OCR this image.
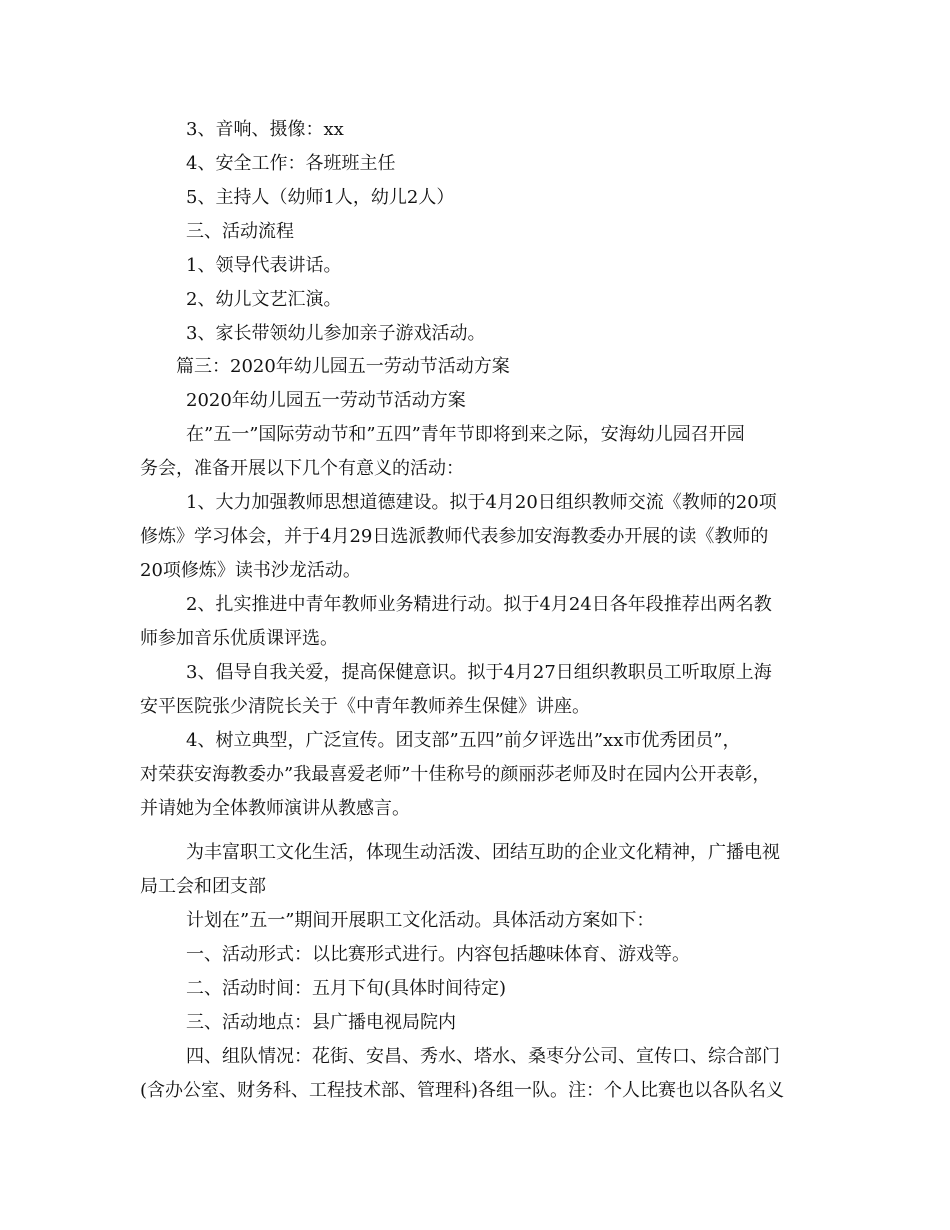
3、音响、摄像：xx
4、安全工作：各班班主任
5、主持人（幼师1人，幼儿2人）
三、活动流程
1、领导代表讲话。
2、幼儿文艺汇演。
3、家长带领幼儿参加亲子游戏活动。
篇三：2020年幼儿园五一劳动节活动方案
2020年幼儿园五一劳动节活动方案
在”五一”国际劳动节和”五四”青年节即将到来之际，安海幼儿园召开园
务会，准备开展以下几个有意义的活动：
1、大力加强教师思想道德建设。拟于4月20日组织教师交流《教师的20项
修炼》学习体会，并于4月29日选派教师代表参加安海教委办开展的读《教师的
20项修炼》读书沙龙活动。
2、扎实推进中青年教师业务精进行动。拟于4月24日各年段推荐出两名教
师参加音乐优质课评选。
3、倡导自我关爱，提高保健意识。拟于4月27日组织教职员工听取原上海
安平医院张少清院长关于《中青年教师养生保健》讲座。
4、树立典型，广泛宣传。团支部”五四”前夕评选出”xx市优秀团员”，
对荣获安海教委办”我最喜爱老师”十佳称号的颜丽莎老师及时在园内公开表彰，
并请她为全体教师演讲从教感言。
为丰富职工文化生活，体现生动活泼、团结互助的企业文化精神，广播电视
局工会和团支部
计划在”五一”期间开展职工文化活动。具体活动方案如下：
一、活动形式：以比赛形式进行。内容包括趣味体育、游戏等。
二、活动时间：五月下旬(具体时间待定)
三、活动地点：县广播电视局院内
四、组队情况：花街、安昌、秀水、塔水、桑枣分公司、宣传口、综合部门
(含办公室、财务科、工程技术部、管理科)各组一队。注：个人比赛也以各队名义
